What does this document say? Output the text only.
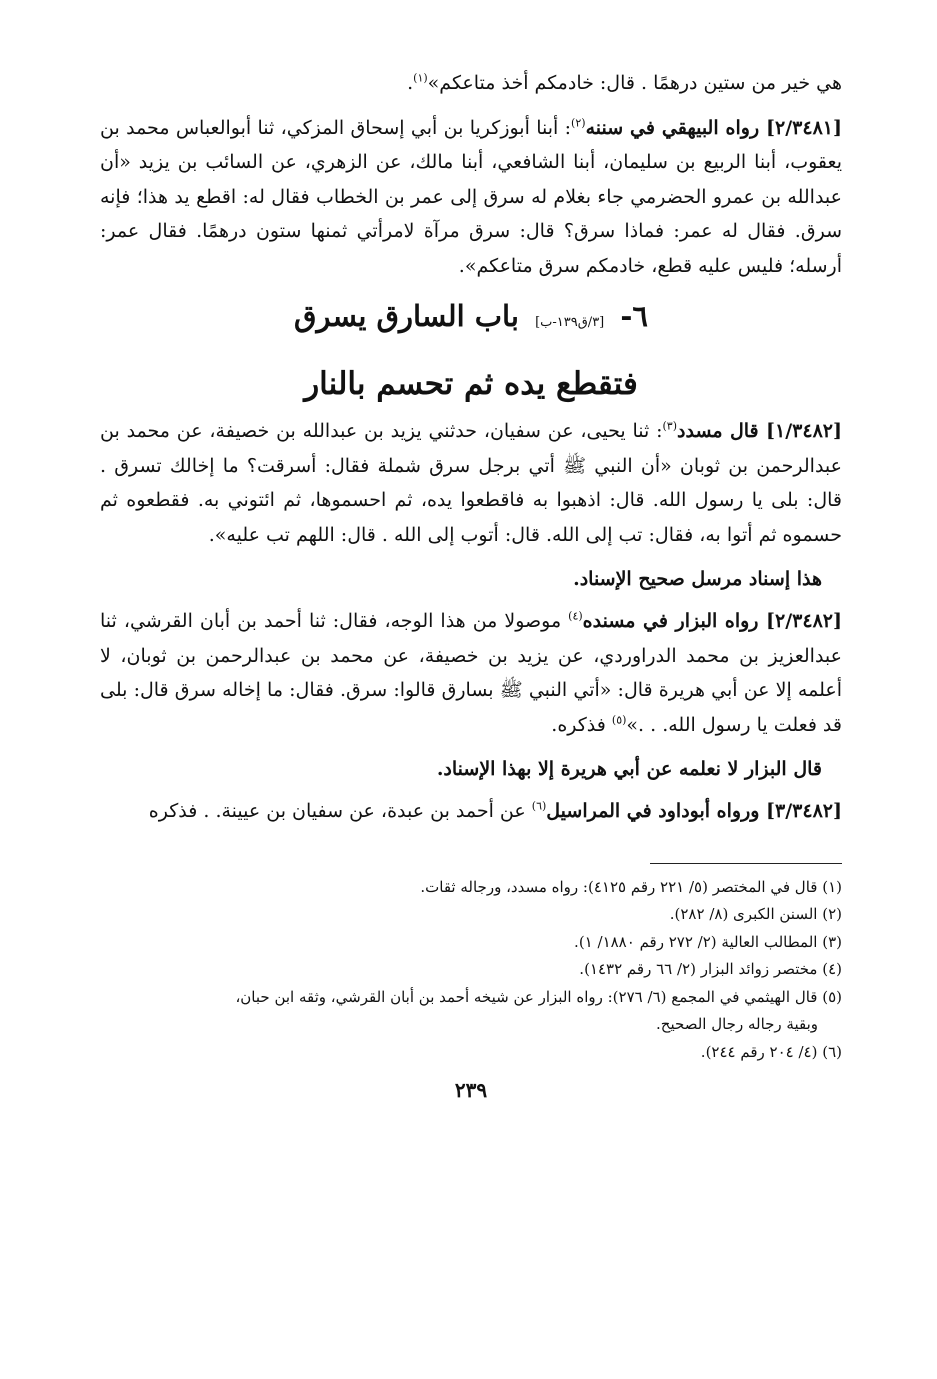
هي خير من ستين درهمًا . قال: خادمكم أخذ متاعكم»$^{(١)}$.

[٢/٣٤٨١] رواه البيهقي في سننه$^{(٢)}$: أبنا أبوزكريا بن أبي إسحاق المزكي، ثنا أبوالعباس محمد بن يعقوب، أبنا الربيع بن سليمان، أبنا الشافعي، أبنا مالك، عن الزهري، عن السائب بن يزيد «أن عبدالله بن عمرو الحضرمي جاء بغلام له سرق إلى عمر بن الخطاب فقال له: اقطع يد هذا؛ فإنه سرق. فقال له عمر: فماذا سرق؟ قال: سرق مرآة لامرأتي ثمنها ستون درهمًا. فقال عمر: أرسله؛ فليس عليه قطع، خادمكم سرق متاعكم».

٦- [٣/ق١٣٩-ب] باب السارق يسرق
فتقطع يده ثم تحسم بالنار

[١/٣٤٨٢] قال مسدد$^{(٣)}$: ثنا يحيى، عن سفيان، حدثني يزيد بن عبدالله بن خصيفة، عن محمد بن عبدالرحمن بن ثوبان «أن النبي ﷺ أتي برجل سرق شملة فقال: أسرقت؟ ما إخالك تسرق . قال: بلى يا رسول الله. قال: اذهبوا به فاقطعوا يده، ثم احسموها، ثم ائتوني به. فقطعوه ثم حسموه ثم أتوا به، فقال: تب إلى الله. قال: أتوب إلى الله . قال: اللهم تب عليه».

هذا إسناد مرسل صحيح الإسناد.

[٢/٣٤٨٢] رواه البزار في مسنده$^{(٤)}$ موصولا من هذا الوجه، فقال: ثنا أحمد بن أبان القرشي، ثنا عبدالعزيز بن محمد الدراوردي، عن يزيد بن خصيفة، عن محمد بن عبدالرحمن بن ثوبان، لا أعلمه إلا عن أبي هريرة قال: «أتي النبي ﷺ بسارق قالوا: سرق. فقال: ما إخاله سرق قال: بلى قد فعلت يا رسول الله. . .»$^{(٥)}$ فذكره.

قال البزار لا نعلمه عن أبي هريرة إلا بهذا الإسناد.

[٣/٣٤٨٢] ورواه أبوداود في المراسيل$^{(٦)}$ عن أحمد بن عبدة، عن سفيان بن عيينة. . فذكره

(١) قال في المختصر (٥/ ٢٢١ رقم ٤١٢٥): رواه مسدد، ورجاله ثقات.

(٢) السنن الكبرى (٨/ ٢٨٢).

(٣) المطالب العالية (٢/ ٢٧٢ رقم ١٨٨٠/ ١).

(٤) مختصر زوائد البزار (٢/ ٦٦ رقم ١٤٣٢).

(٥) قال الهيثمي في المجمع (٦/ ٢٧٦): رواه البزار عن شيخه أحمد بن أبان القرشي، وثقه ابن حبان،
وبقية رجاله رجال الصحيح.

(٦) (٤/ ٢٠٤ رقم ٢٤٤).

٢٣٩
